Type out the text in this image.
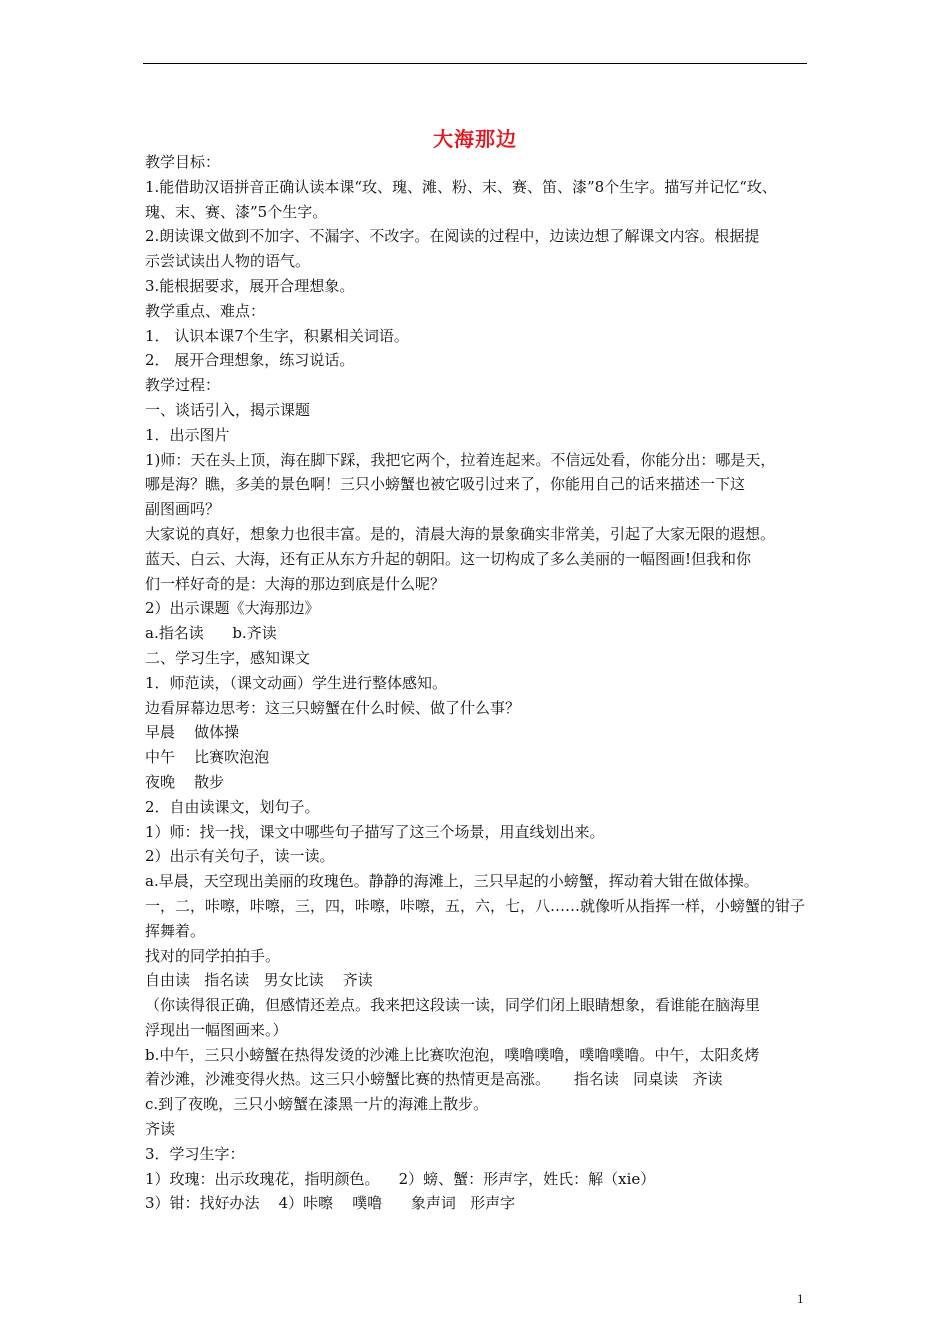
大海那边

教学目标：

1.能借助汉语拼音正确认读本课“玫、瑰、滩、粉、末、赛、笛、漆”8个生字。描写并记忆“玫、

瑰、末、赛、漆”5个生字。

2.朗读课文做到不加字、不漏字、不改字。在阅读的过程中，边读边想了解课文内容。根据提

示尝试读出人物的语气。

3.能根据要求，展开合理想象。

教学重点、难点：

1． 认识本课7个生字，积累相关词语。

2． 展开合理想象，练习说话。

教学过程：

一、谈话引入，揭示课题

1．出示图片

1)师：天在头上顶，海在脚下踩，我把它两个，拉着连起来。不信远处看，你能分出：哪是天，

哪是海？瞧，多美的景色啊！三只小螃蟹也被它吸引过来了，你能用自己的话来描述一下这

副图画吗？

大家说的真好，想象力也很丰富。是的，清晨大海的景象确实非常美，引起了大家无限的遐想。

蓝天、白云、大海，还有正从东方升起的朝阳。这一切构成了多么美丽的一幅图画!但我和你

们一样好奇的是：大海的那边到底是什么呢？

2）出示课题《大海那边》

a.指名读      b.齐读

二、学习生字，感知课文

1．师范读，（课文动画）学生进行整体感知。

边看屏幕边思考：这三只螃蟹在什么时候、做了什么事？

早晨    做体操

中午    比赛吹泡泡

夜晚    散步

2．自由读课文，划句子。

1）师：找一找，课文中哪些句子描写了这三个场景，用直线划出来。

2）出示有关句子，读一读。

a.早晨，天空现出美丽的玫瑰色。静静的海滩上，三只早起的小螃蟹，挥动着大钳在做体操。

一，二，咔嚓，咔嚓，三，四，咔嚓，咔嚓，五，六，七，八……就像听从指挥一样，小螃蟹的钳子

挥舞着。

找对的同学拍拍手。

自由读   指名读   男女比读    齐读

（你读得很正确，但感情还差点。我来把这段读一读，同学们闭上眼睛想象，看谁能在脑海里

浮现出一幅图画来。）

b.中午，三只小螃蟹在热得发烫的沙滩上比赛吹泡泡，噗噜噗噜，噗噜噗噜。中午，太阳炙烤

着沙滩，沙滩变得火热。这三只小螃蟹比赛的热情更是高涨。     指名读   同桌读   齐读

c.到了夜晚，三只小螃蟹在漆黑一片的海滩上散步。

齐读

3．学习生字：

1）玫瑰：出示玫瑰花，指明颜色。    2）螃、蟹：形声字，姓氏：解（xie）

3）钳：找好办法    4）咔嚓    噗噜      象声词   形声字

1
